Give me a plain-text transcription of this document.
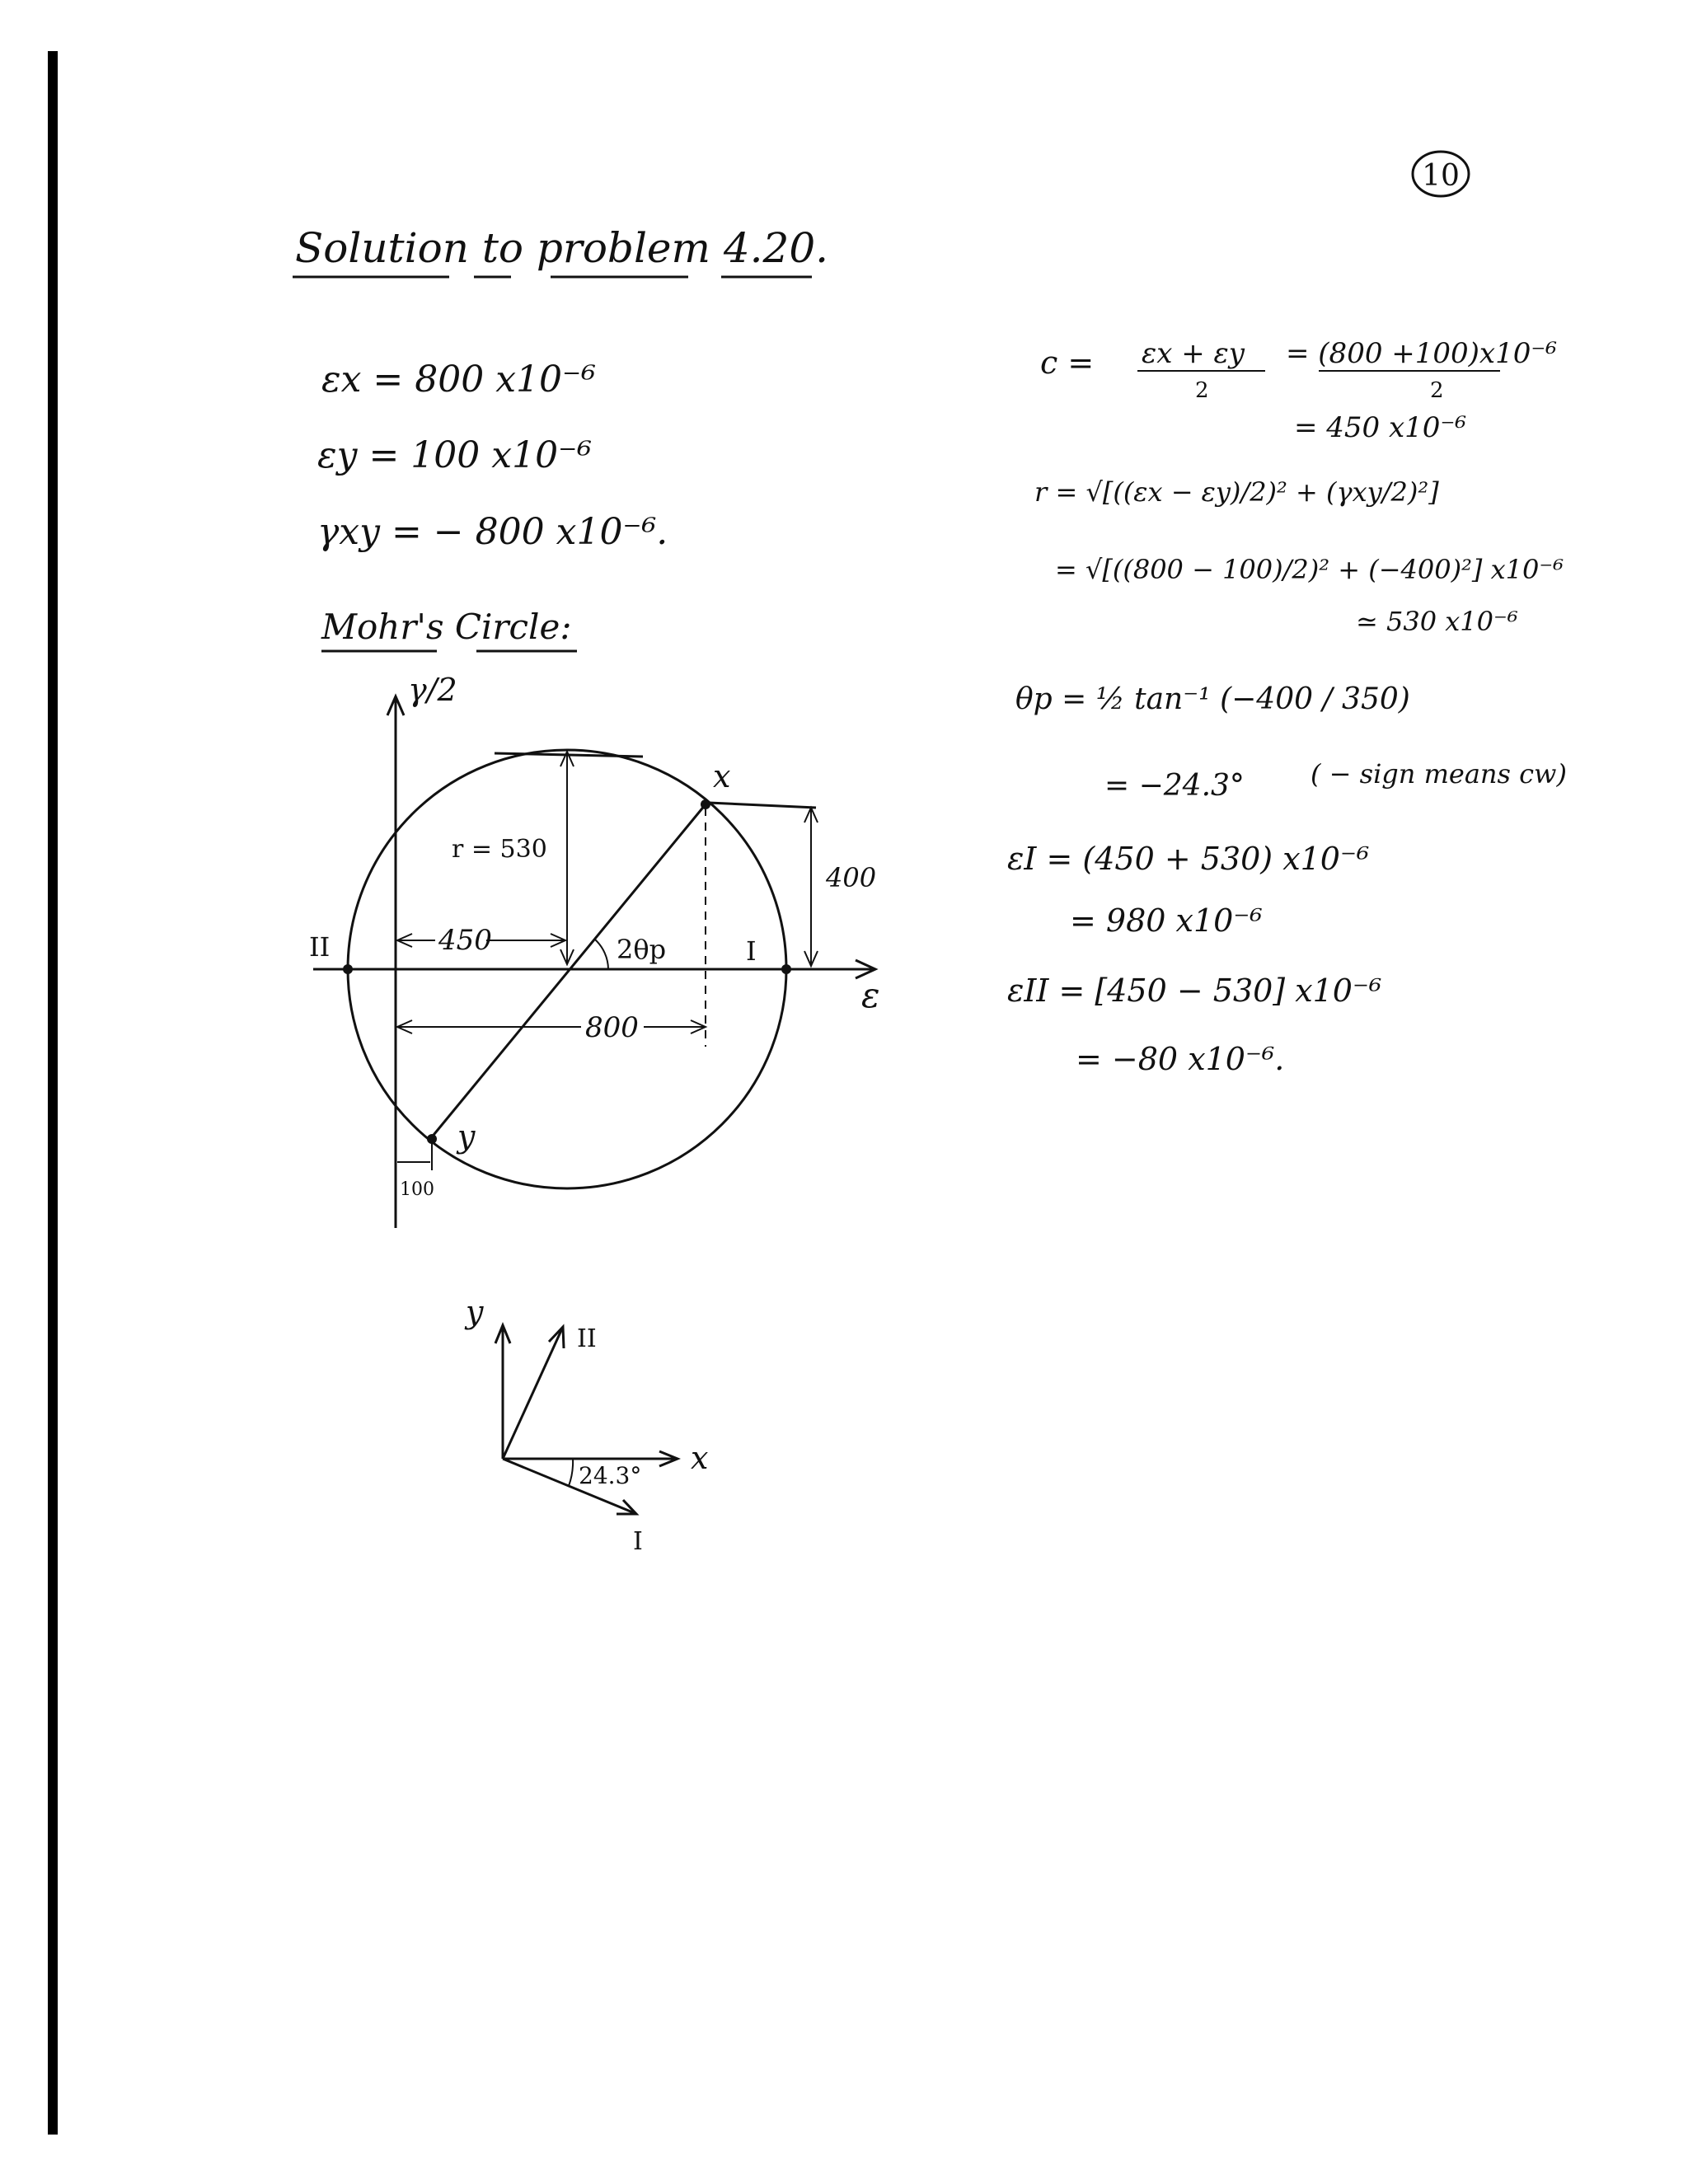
10
Solution to problem 4.20.
εx = 800 x10⁻⁶
εy = 100 x10⁻⁶
γxy = − 800 x10⁻⁶.
Mohr's Circle:
γ/2
ε
II	I
x
y
r = 530
450	2θp
800
400
100
y
x
II
I
24.3°
c = εx + εy
2
= (800 +100)x10⁻⁶
2
= 450 x10⁻⁶
r = √[((εx − εy)/2)² + (γxy/2)²]
= √[((800 − 100)/2)² + (−400)²] x10⁻⁶
≃ 530 x10⁻⁶
θp = ½ tan⁻¹ (−400 / 350)
= −24.3°	( − sign means cw)
εI = (450 + 530) x10⁻⁶
= 980 x10⁻⁶
εII = [450 − 530] x10⁻⁶
= −80 x10⁻⁶.
